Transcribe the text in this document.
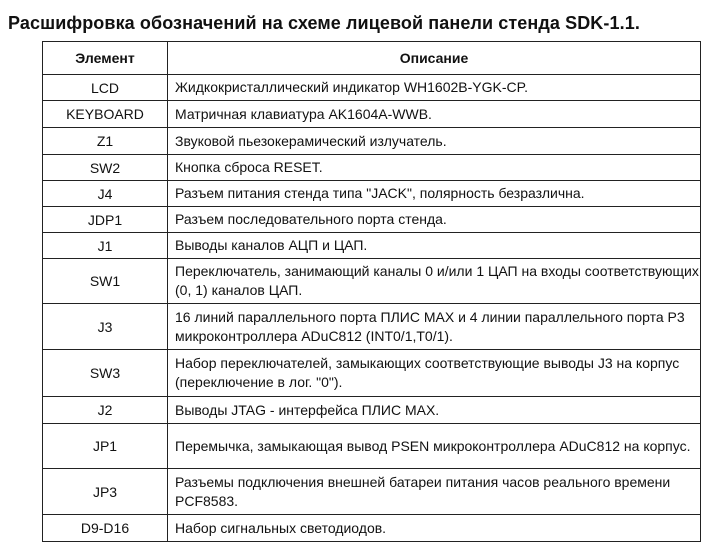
Расшифровка обозначений на схеме лицевой панели стенда SDK-1.1.
Элемент	Описание
LCD	Жидкокристаллический индикатор WH1602B-YGK-CP.
KEYBOARD	Матричная клавиатура AK1604A-WWB.
Z1	Звуковой пьезокерамический излучатель.
SW2	Кнопка сброса RESET.
J4	Разъем питания стенда типа "JACK", полярность безразлична.
JDP1	Разъем последовательного порта стенда.
J1	Выводы каналов АЦП и ЦАП.
SW1	Переключатель, занимающий каналы 0 и/или 1 ЦАП на входы соответствующих (0, 1) каналов ЦАП.
J3	16 линий параллельного порта ПЛИС MAX и 4 линии параллельного порта P3 микроконтроллера ADuC812 (INT0/1,T0/1).
SW3	Набор переключателей, замыкающих соответствующие выводы J3 на корпус (переключение в лог. "0").
J2	Выводы JTAG - интерфейса ПЛИС MAX.
JP1	Перемычка, замыкающая вывод PSEN микроконтроллера ADuC812 на корпус.
JP3	Разъемы подключения внешней батареи питания часов реального времени PCF8583.
D9-D16	Набор сигнальных светодиодов.
